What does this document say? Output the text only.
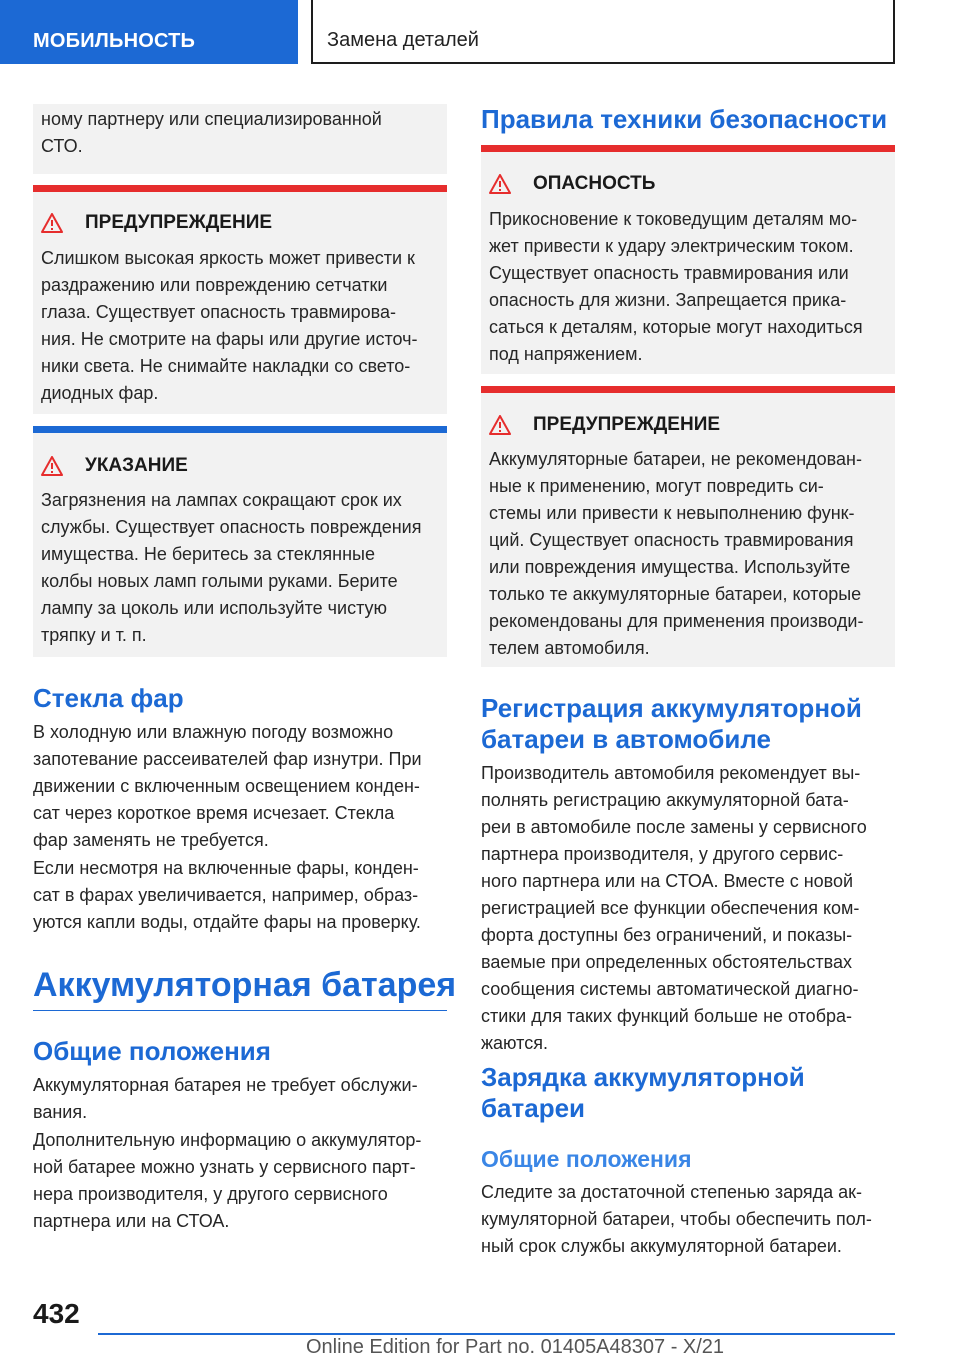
МОБИЛЬНОСТЬ	Замена деталей
ному партнеру или специализированной
СТО.
ПРЕДУПРЕЖДЕНИЕ
Слишком высокая яркость может привести к
раздражению или повреждению сетчатки
глаза. Существует опасность травмирова-
ния. Не смотрите на фары или другие источ-
ники света. Не снимайте накладки со свето-
диодных фар.
УКАЗАНИЕ
Загрязнения на лампах сокращают срок их
службы. Существует опасность повреждения
имущества. Не беритесь за стеклянные
колбы новых ламп голыми руками. Берите
лампу за цоколь или используйте чистую
тряпку и т. п.
Стекла фар
В холодную или влажную погоду возможно
запотевание рассеивателей фар изнутри. При
движении с включенным освещением конден-
сат через короткое время исчезает. Стекла
фар заменять не требуется.
Если несмотря на включенные фары, конден-
сат в фарах увеличивается, например, образ-
уются капли воды, отдайте фары на проверку.
Аккумуляторная батарея
Общие положения
Аккумуляторная батарея не требует обслужи-
вания.
Дополнительную информацию о аккумулятор-
ной батарее можно узнать у сервисного парт-
нера производителя, у другого сервисного
партнера или на СТОА.
Правила техники безопасности
ОПАСНОСТЬ
Прикосновение к токоведущим деталям мо-
жет привести к удару электрическим током.
Существует опасность травмирования или
опасность для жизни. Запрещается прика-
саться к деталям, которые могут находиться
под напряжением.
ПРЕДУПРЕЖДЕНИЕ
Аккумуляторные батареи, не рекомендован-
ные к применению, могут повредить си-
стемы или привести к невыполнению функ-
ций. Существует опасность травмирования
или повреждения имущества. Используйте
только те аккумуляторные батареи, которые
рекомендованы для применения производи-
телем автомобиля.
Регистрация аккумуляторной
батареи в автомобиле
Производитель автомобиля рекомендует вы-
полнять регистрацию аккумуляторной бата-
реи в автомобиле после замены у сервисного
партнера производителя, у другого сервис-
ного партнера или на СТОА. Вместе с новой
регистрацией все функции обеспечения ком-
форта доступны без ограничений, и показы-
ваемые при определенных обстоятельствах
сообщения системы автоматической диагно-
стики для таких функций больше не отобра-
жаются.
Зарядка аккумуляторной
батареи
Общие положения
Следите за достаточной степенью заряда ак-
кумуляторной батареи, чтобы обеспечить пол-
ный срок службы аккумуляторной батареи.
432
Online Edition for Part no. 01405A48307 - X/21
